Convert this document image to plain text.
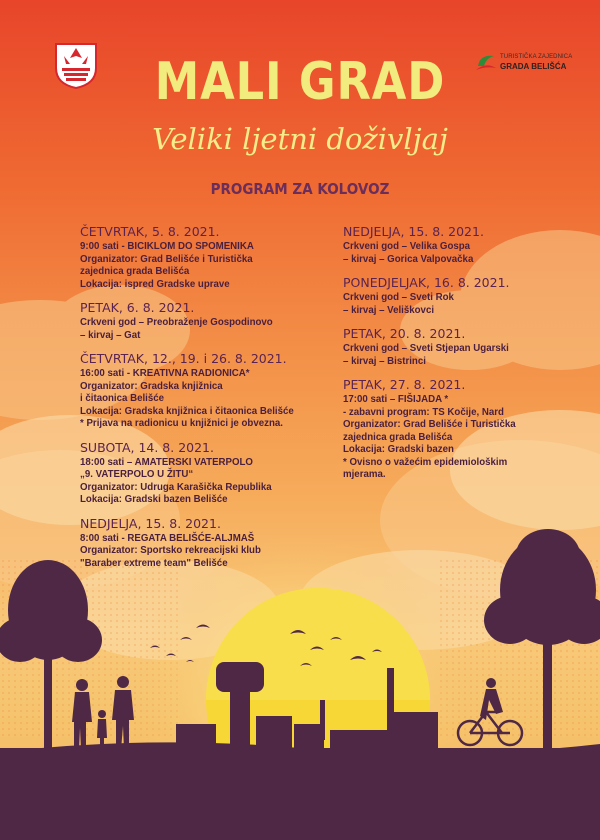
TURISTIČKA ZAJEDNICA
GRADA BELIŠĆA
MALI GRAD
Veliki ljetni doživljaj
PROGRAM ZA KOLOVOZ
ČETVRTAK, 5. 8. 2021.
9:00 sati - BICIKLOM DO SPOMENIKA
Organizator: Grad Belišće i Turistička
zajednica grada Belišća
Lokacija: ispred Gradske uprave
PETAK, 6. 8. 2021.
Crkveni god – Preobraženje Gospodinovo
– kirvaj – Gat
ČETVRTAK, 12., 19. i 26. 8. 2021.
16:00 sati - KREATIVNA RADIONICA*
Organizator: Gradska knjižnica
i čitaonica Belišće
Lokacija: Gradska knjižnica i čitaonica Belišće
* Prijava na radionicu u knjižnici je obvezna.
SUBOTA, 14. 8. 2021.
18:00 sati – AMATERSKI VATERPOLO
„9. VATERPOLO U ŽITU“
Organizator: Udruga Karašička Republika
Lokacija: Gradski bazen Belišće
NEDJELJA, 15. 8. 2021.
8:00 sati - REGATA BELIŠĆE-ALJMAŠ
Organizator: Sportsko rekreacijski klub
"Baraber extreme team" Belišće
NEDJELJA, 15. 8. 2021.
Crkveni god – Velika Gospa
– kirvaj – Gorica Valpovačka
PONEDJELJAK, 16. 8. 2021.
Crkveni god – Sveti Rok
– kirvaj – Veliškovci
PETAK, 20. 8. 2021.
Crkveni god – Sveti Stjepan Ugarski
– kirvaj – Bistrinci
PETAK, 27. 8. 2021.
17:00 sati – FIŠIJADA *
- zabavni program: TS Kočije, Nard
Organizator: Grad Belišće i Turistička
zajednica grada Belišća
Lokacija: Gradski bazen
* Ovisno o važećim epidemiološkim
mjerama.
